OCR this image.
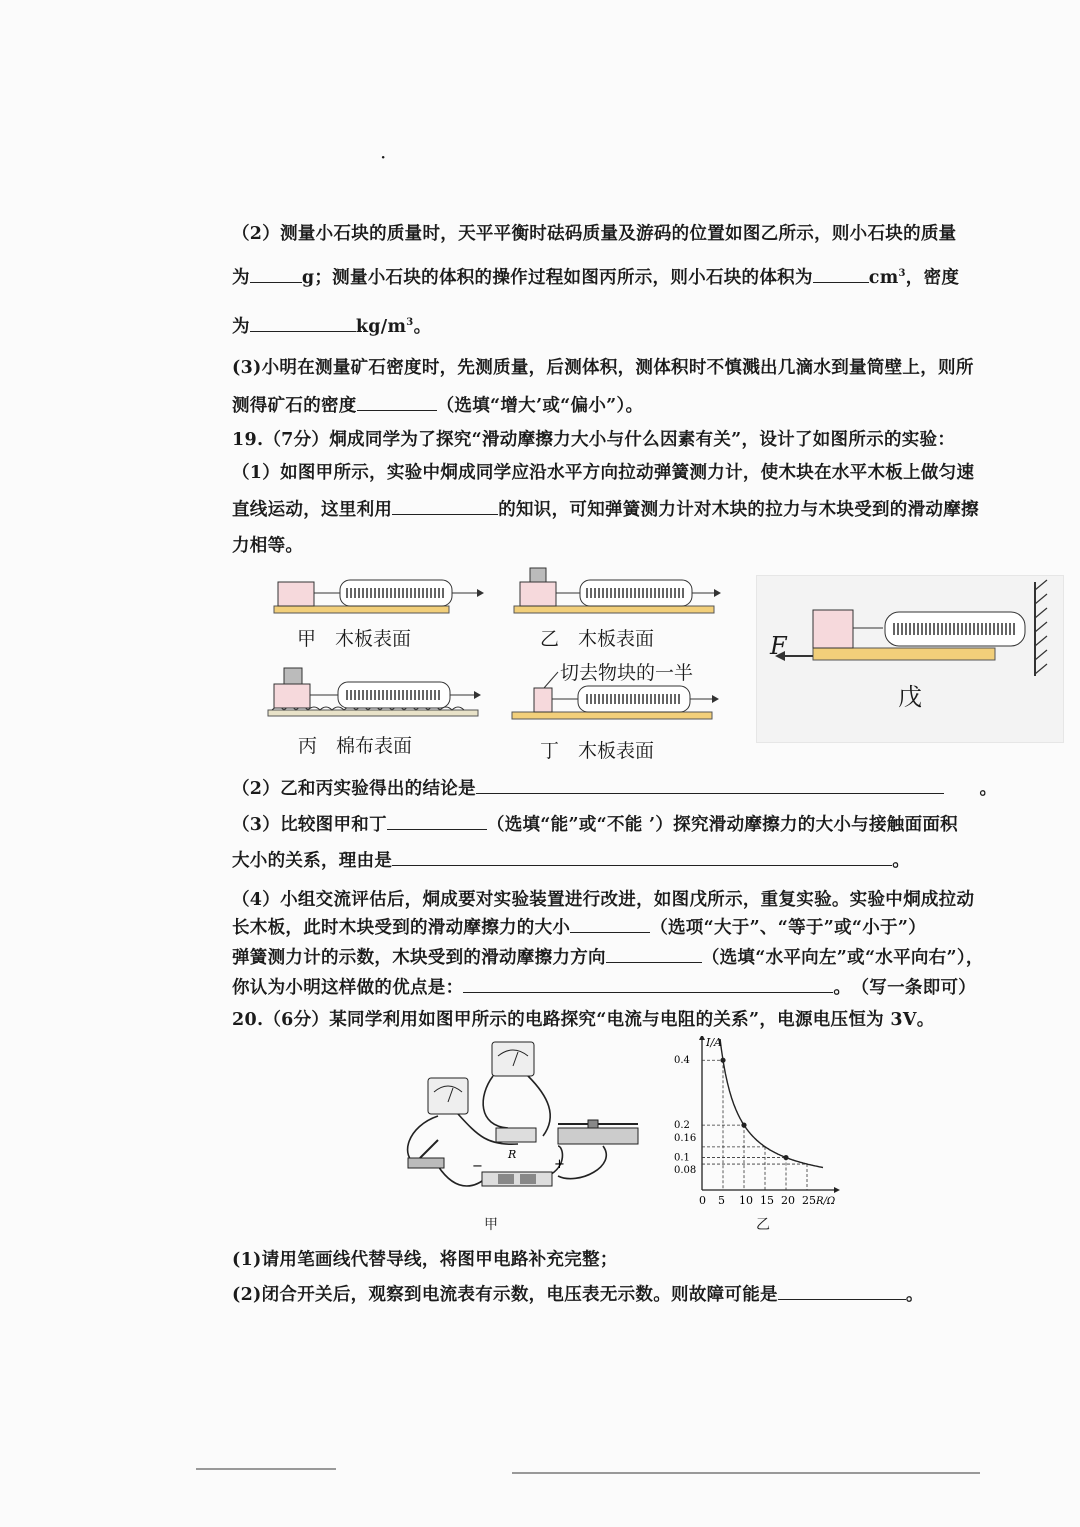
·
（2）测量小石块的质量时，天平平衡时砝码质量及游码的位置如图乙所示，则小石块的质量
为	g；测量小石块的体积的操作过程如图丙所示，则小石块的体积为	$cm^3$，密度
为	$kg/m^3$。
(3)小明在测量矿石密度时，先测质量，后测体积，测体积时不慎溅出几滴水到量筒壁上，则所
测得矿石的密度	（选填“增大’或“偏小”）。
19.（7分）烔成同学为了探究“滑动摩擦力大小与什么因素有关”，设计了如图所示的实验：
（1）如图甲所示，实验中烔成同学应沿水平方向拉动弹簧测力计，使木块在水平木板上做匀速
直线运动，这里利用	的知识，可知弹簧测力计对木块的拉力与木块受到的滑动摩擦
力相等。
甲　木板表面	乙　木板表面
切去物块的一半
丙　棉布表面	丁　木板表面
F
戊
（2）乙和丙实验得出的结论是　　	。
（3）比较图甲和丁	（选填“能”或“不能 ’）探究滑动摩擦力的大小与接触面面积
大小的关系，理由是	。
（4）小组交流评估后，烔成要对实验装置进行改进，如图戊所示，重复实验。实验中烔成拉动
长木板，此时木块受到的滑动摩擦力的大小	（选项“大于”、“等于”或“小于”）
弹簧测力计的示数，木块受到的滑动摩擦力方向	（选填“水平向左”或“水平向右”），
你认为小明这样做的优点是：	。　（写一条即可）
20.（6分）某同学利用如图甲所示的电路探究“电流与电阻的关系”，电源电压恒为 3V。
R
−	+
甲
0 5 10 15 20 25
0.4
0.2
0.16
0.1
0.08
I/A
R/Ω
乙
(1)请用笔画线代替导线，将图甲电路补充完整；
(2)闭合开关后，观察到电流表有示数，电压表无示数。则故障可能是	。
